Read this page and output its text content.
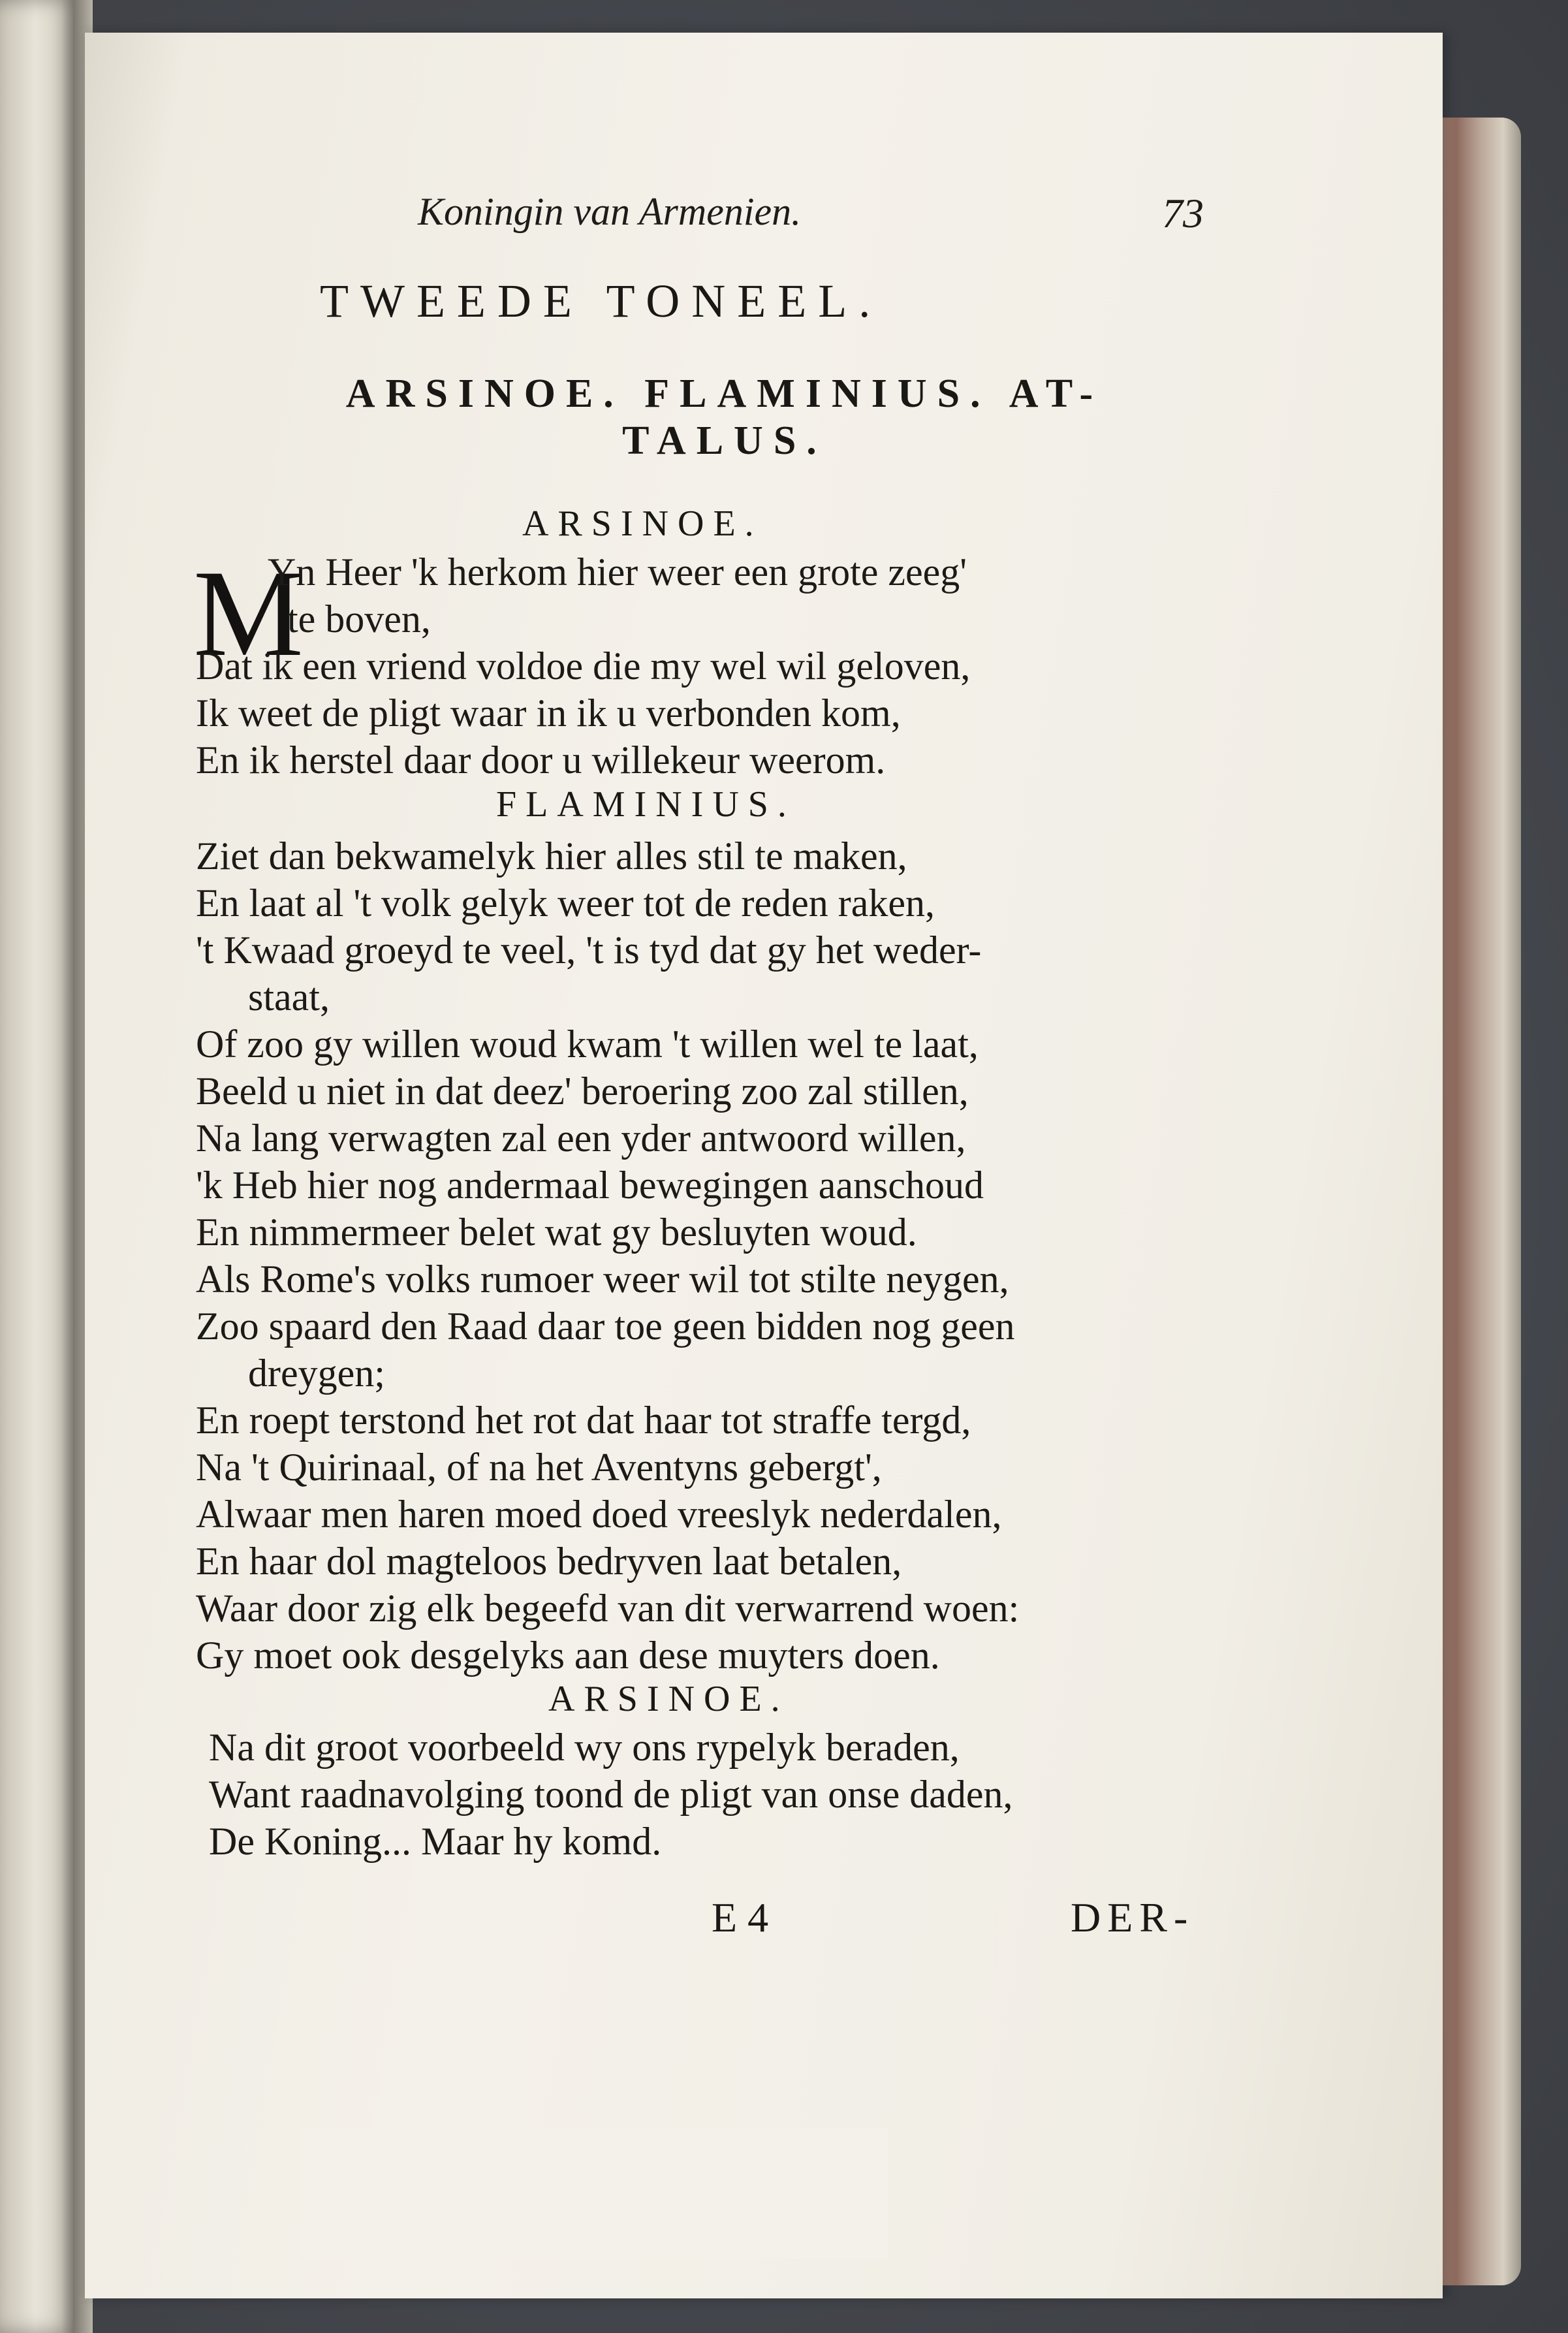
Koningin van Armenien.	73
TWEEDE TONEEL.
ARSINOE. FLAMINIUS. AT-
TALUS.
ARSINOE.
M
Yn Heer 'k herkom hier weer een grote zeeg'
te boven,
Dat ik een vriend voldoe die my wel wil geloven,
Ik weet de pligt waar in ik u verbonden kom,
En ik herstel daar door u willekeur weerom.
FLAMINIUS.
Ziet dan bekwamelyk hier alles stil te maken,
En laat al 't volk gelyk weer tot de reden raken,
't Kwaad groeyd te veel, 't is tyd dat gy het weder-
staat,
Of zoo gy willen woud kwam 't willen wel te laat,
Beeld u niet in dat deez' beroering zoo zal stillen,
Na lang verwagten zal een yder antwoord willen,
'k Heb hier nog andermaal bewegingen aanschoud
En nimmermeer belet wat gy besluyten woud.
Als Rome's volks rumoer weer wil tot stilte neygen,
Zoo spaard den Raad daar toe geen bidden nog geen
dreygen;
En roept terstond het rot dat haar tot straffe tergd,
Na 't Quirinaal, of na het Aventyns gebergt',
Alwaar men haren moed doed vreeslyk nederdalen,
En haar dol magteloos bedryven laat betalen,
Waar door zig elk begeefd van dit verwarrend woen:
Gy moet ook desgelyks aan dese muyters doen.
ARSINOE.
Na dit groot voorbeeld wy ons rypelyk beraden,
Want raadnavolging toond de pligt van onse daden,
De Koning... Maar hy komd.
E 4	DER-
